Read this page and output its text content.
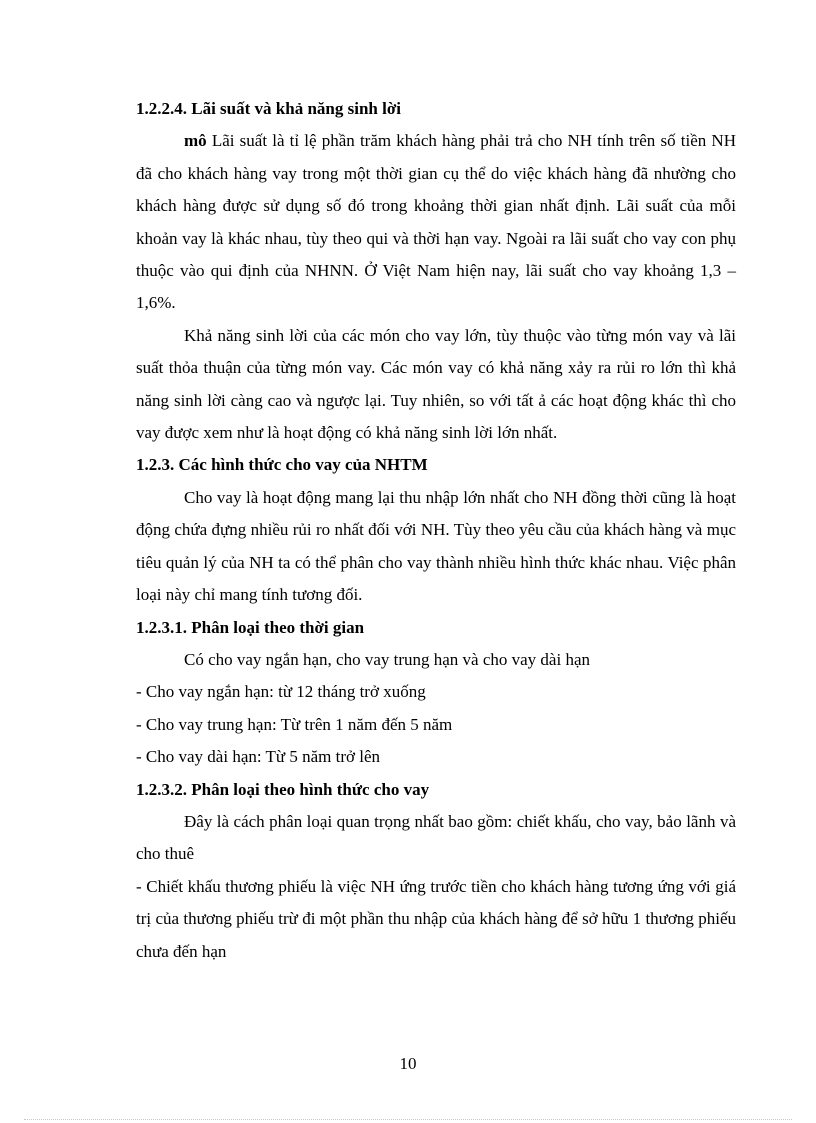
1.2.2.4. Lãi suất và khả năng sinh lời

mô Lãi suất là tỉ lệ phần trăm khách hàng phải trả cho NH tính trên số tiền NH đã cho khách hàng vay trong một thời gian cụ thể do việc khách hàng đã nhường cho khách hàng được sử dụng số đó trong khoảng thời gian nhất định. Lãi suất của mỗi khoản vay là khác nhau, tùy theo qui và thời hạn vay. Ngoài ra lãi suất cho vay con phụ thuộc vào qui định của NHNN. Ở Việt Nam hiện nay, lãi suất cho vay khoảng 1,3 – 1,6%.

Khả năng sinh lời của các món cho vay lớn, tùy thuộc vào từng món vay và lãi suất thỏa thuận của từng món vay. Các món vay có khả năng xảy ra rủi ro lớn thì khả năng sinh lời càng cao và ngược lại. Tuy nhiên, so với tất ả các hoạt động khác thì cho vay được xem như là hoạt động có khả năng sinh lời lớn nhất.

1.2.3. Các hình thức cho vay của NHTM

Cho vay là hoạt động mang lại thu nhập lớn nhất cho NH đồng thời cũng là hoạt động chứa đựng nhiều rủi ro nhất đối với NH. Tùy theo yêu cầu của khách hàng và mục tiêu quản lý của NH ta có thể phân cho vay thành nhiều hình thức khác nhau. Việc phân loại này chỉ mang tính tương đối.

1.2.3.1. Phân loại theo thời gian

Có cho vay ngắn hạn, cho vay trung hạn và cho vay dài hạn

- Cho vay ngắn hạn: từ 12 tháng trở xuống

- Cho vay trung hạn: Từ trên 1 năm đến 5 năm

- Cho vay dài hạn: Từ 5 năm trở lên

1.2.3.2. Phân loại theo hình thức cho vay

Đây là cách phân loại quan trọng nhất bao gồm: chiết khấu, cho vay, bảo lãnh và cho thuê

- Chiết khấu thương phiếu là việc NH ứng trước tiền cho khách hàng tương ứng với giá trị của thương phiếu trừ đi một phần thu nhập của khách hàng để sở hữu 1 thương phiếu chưa đến hạn

10
